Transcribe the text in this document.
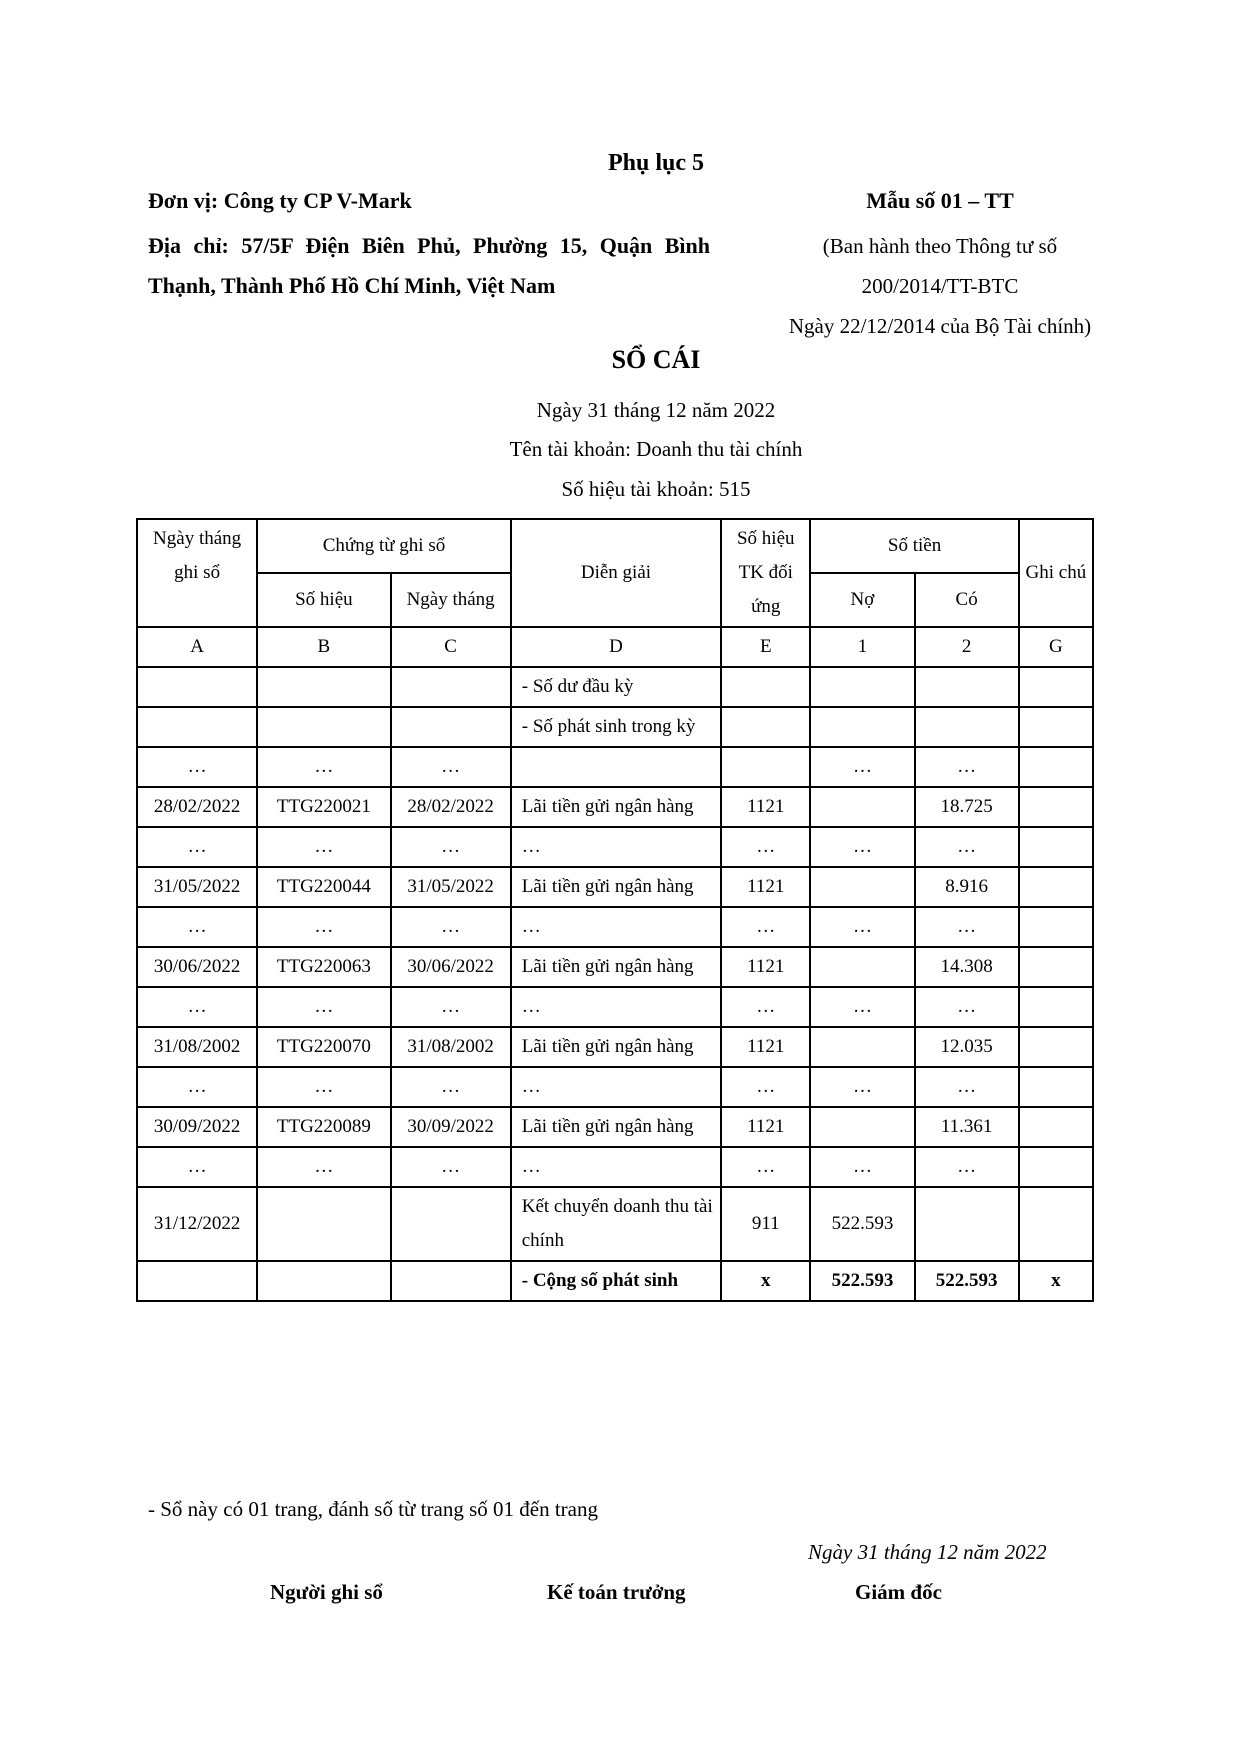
Phụ lục 5
Đơn vị: Công ty CP V-Mark
Địa chỉ: 57/5F Điện Biên Phủ, Phường 15, Quận Bình Thạnh, Thành Phố Hồ Chí Minh, Việt Nam
Mẫu số 01 – TT
(Ban hành theo Thông tư số
200/2014/TT-BTC
Ngày 22/12/2014 của Bộ Tài chính)
SỔ CÁI
Ngày 31 tháng 12 năm 2022
Tên tài khoản: Doanh thu tài chính
Số hiệu tài khoản: 515
Ngày tháng ghi sổ	Chứng từ ghi sổ		Diễn giải	Số hiệu TK đối ứng	Số tiền		Ghi chú
	Số hiệu	Ngày tháng			Nợ	Có	
A	B	C	D	E	1	2	G
			- Số dư đầu kỳ				
			- Số phát sinh trong kỳ				
…	…	…			…	…	
28/02/2022	TTG220021	28/02/2022	Lãi tiền gửi ngân hàng	1121		18.725	
…	…	…	…	…	…	…	
31/05/2022	TTG220044	31/05/2022	Lãi tiền gửi ngân hàng	1121		8.916	
…	…	…	…	…	…	…	
30/06/2022	TTG220063	30/06/2022	Lãi tiền gửi ngân hàng	1121		14.308	
…	…	…	…	…	…	…	
31/08/2002	TTG220070	31/08/2002	Lãi tiền gửi ngân hàng	1121		12.035	
…	…	…	…	…	…	…	
30/09/2022	TTG220089	30/09/2022	Lãi tiền gửi ngân hàng	1121		11.361	
…	…	…	…	…	…	…	
31/12/2022			Kết chuyển doanh thu tài chính	911	522.593		
			- Cộng số phát sinh	x	522.593	522.593	x
- Sổ này có 01 trang, đánh số từ trang số 01 đến trang
Ngày 31 tháng 12 năm 2022
Người ghi sổ	Kế toán trưởng	Giám đốc
